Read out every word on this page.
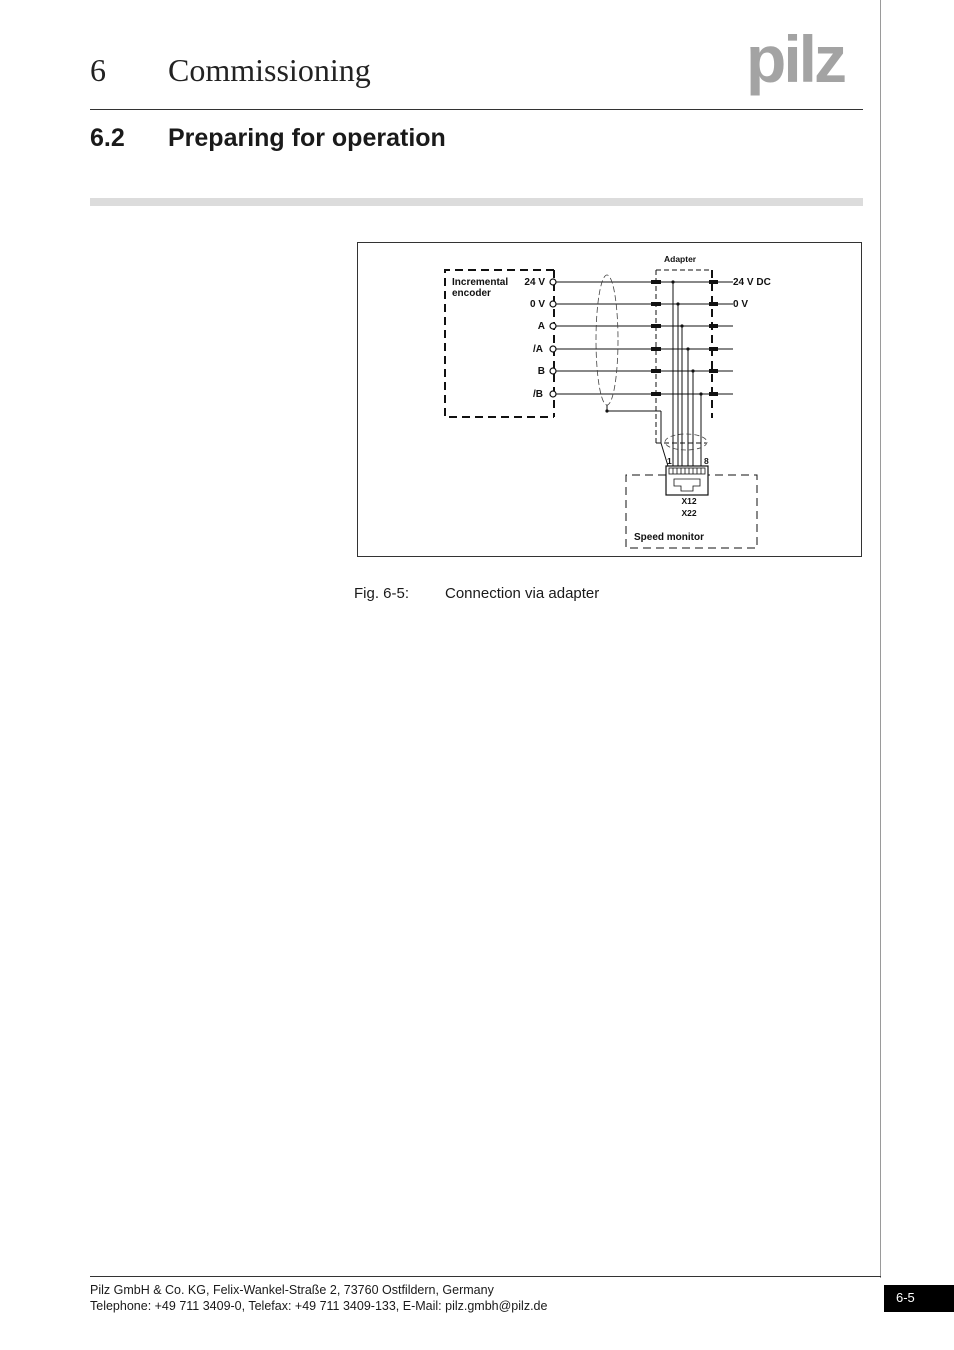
6 Commissioning	pilz
6.2 Preparing for operation
Incremental
encoder
24 V
0 V
A
/A
B
/B
Adapter
24 V DC
0 V
1	8
X12
X22
Speed monitor
Fig. 6-5: Connection via adapter
Pilz GmbH & Co. KG, Felix-Wankel-Straße 2, 73760 Ostfildern, Germany
Telephone: +49 711 3409-0, Telefax: +49 711 3409-133, E-Mail: pilz.gmbh@pilz.de
6-5
